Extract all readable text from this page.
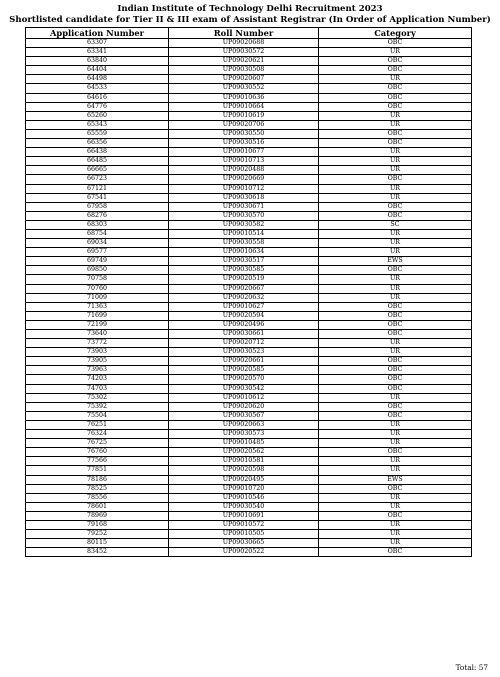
Indian Institute of Technology Delhi Recruitment 2023
Shortlisted candidate for Tier II & III exam of Assistant Registrar (In Order of Application Number)
Application Number	Roll Number	Category
63307	UP09020688	OBC
63341	UP09030572	UR
63840	UP09020621	OBC
64404	UP09030508	OBC
64498	UP09020607	UR
64533	UP09030552	OBC
64616	UP09010636	OBC
64776	UP09010664	OBC
65260	UP09010619	UR
65343	UP09020706	UR
65559	UP09030550	OBC
66356	UP09030516	OBC
66438	UP09010677	UR
66485	UP09010713	UR
66665	UP09020488	UR
66723	UP09020669	OBC
67121	UP09010712	UR
67541	UP09030618	UR
67958	UP09030671	OBC
68276	UP09030570	OBC
68303	UP09030582	SC
68754	UP09010514	UR
69034	UP09030558	UR
69577	UP09010634	UR
69749	UP09030517	EWS
69850	UP09030585	OBC
70758	UP09020519	UR
70760	UP09020667	UR
71009	UP09020632	UR
71363	UP09010627	OBC
71699	UP09020594	OBC
72199	UP09020496	OBC
73640	UP09030661	OBC
73772	UP09020712	UR
73903	UP09030523	UR
73905	UP09020661	OBC
73963	UP09020585	OBC
74203	UP09020570	OBC
74703	UP09030542	OBC
75302	UP09010612	UR
75392	UP09020620	OBC
75504	UP09030567	OBC
76251	UP09020663	UR
76324	UP09030573	UR
76725	UP09010485	UR
76760	UP09020562	OBC
77566	UP09010581	UR
77851	UP09020598	UR
78186	UP09020495	EWS
78525	UP09010720	OBC
78556	UP09010546	UR
78601	UP09030540	UR
78969	UP09010691	OBC
79168	UP09010572	UR
79252	UP09010505	UR
80115	UP09030665	UR
83452	UP09020522	OBC
Total: 57
